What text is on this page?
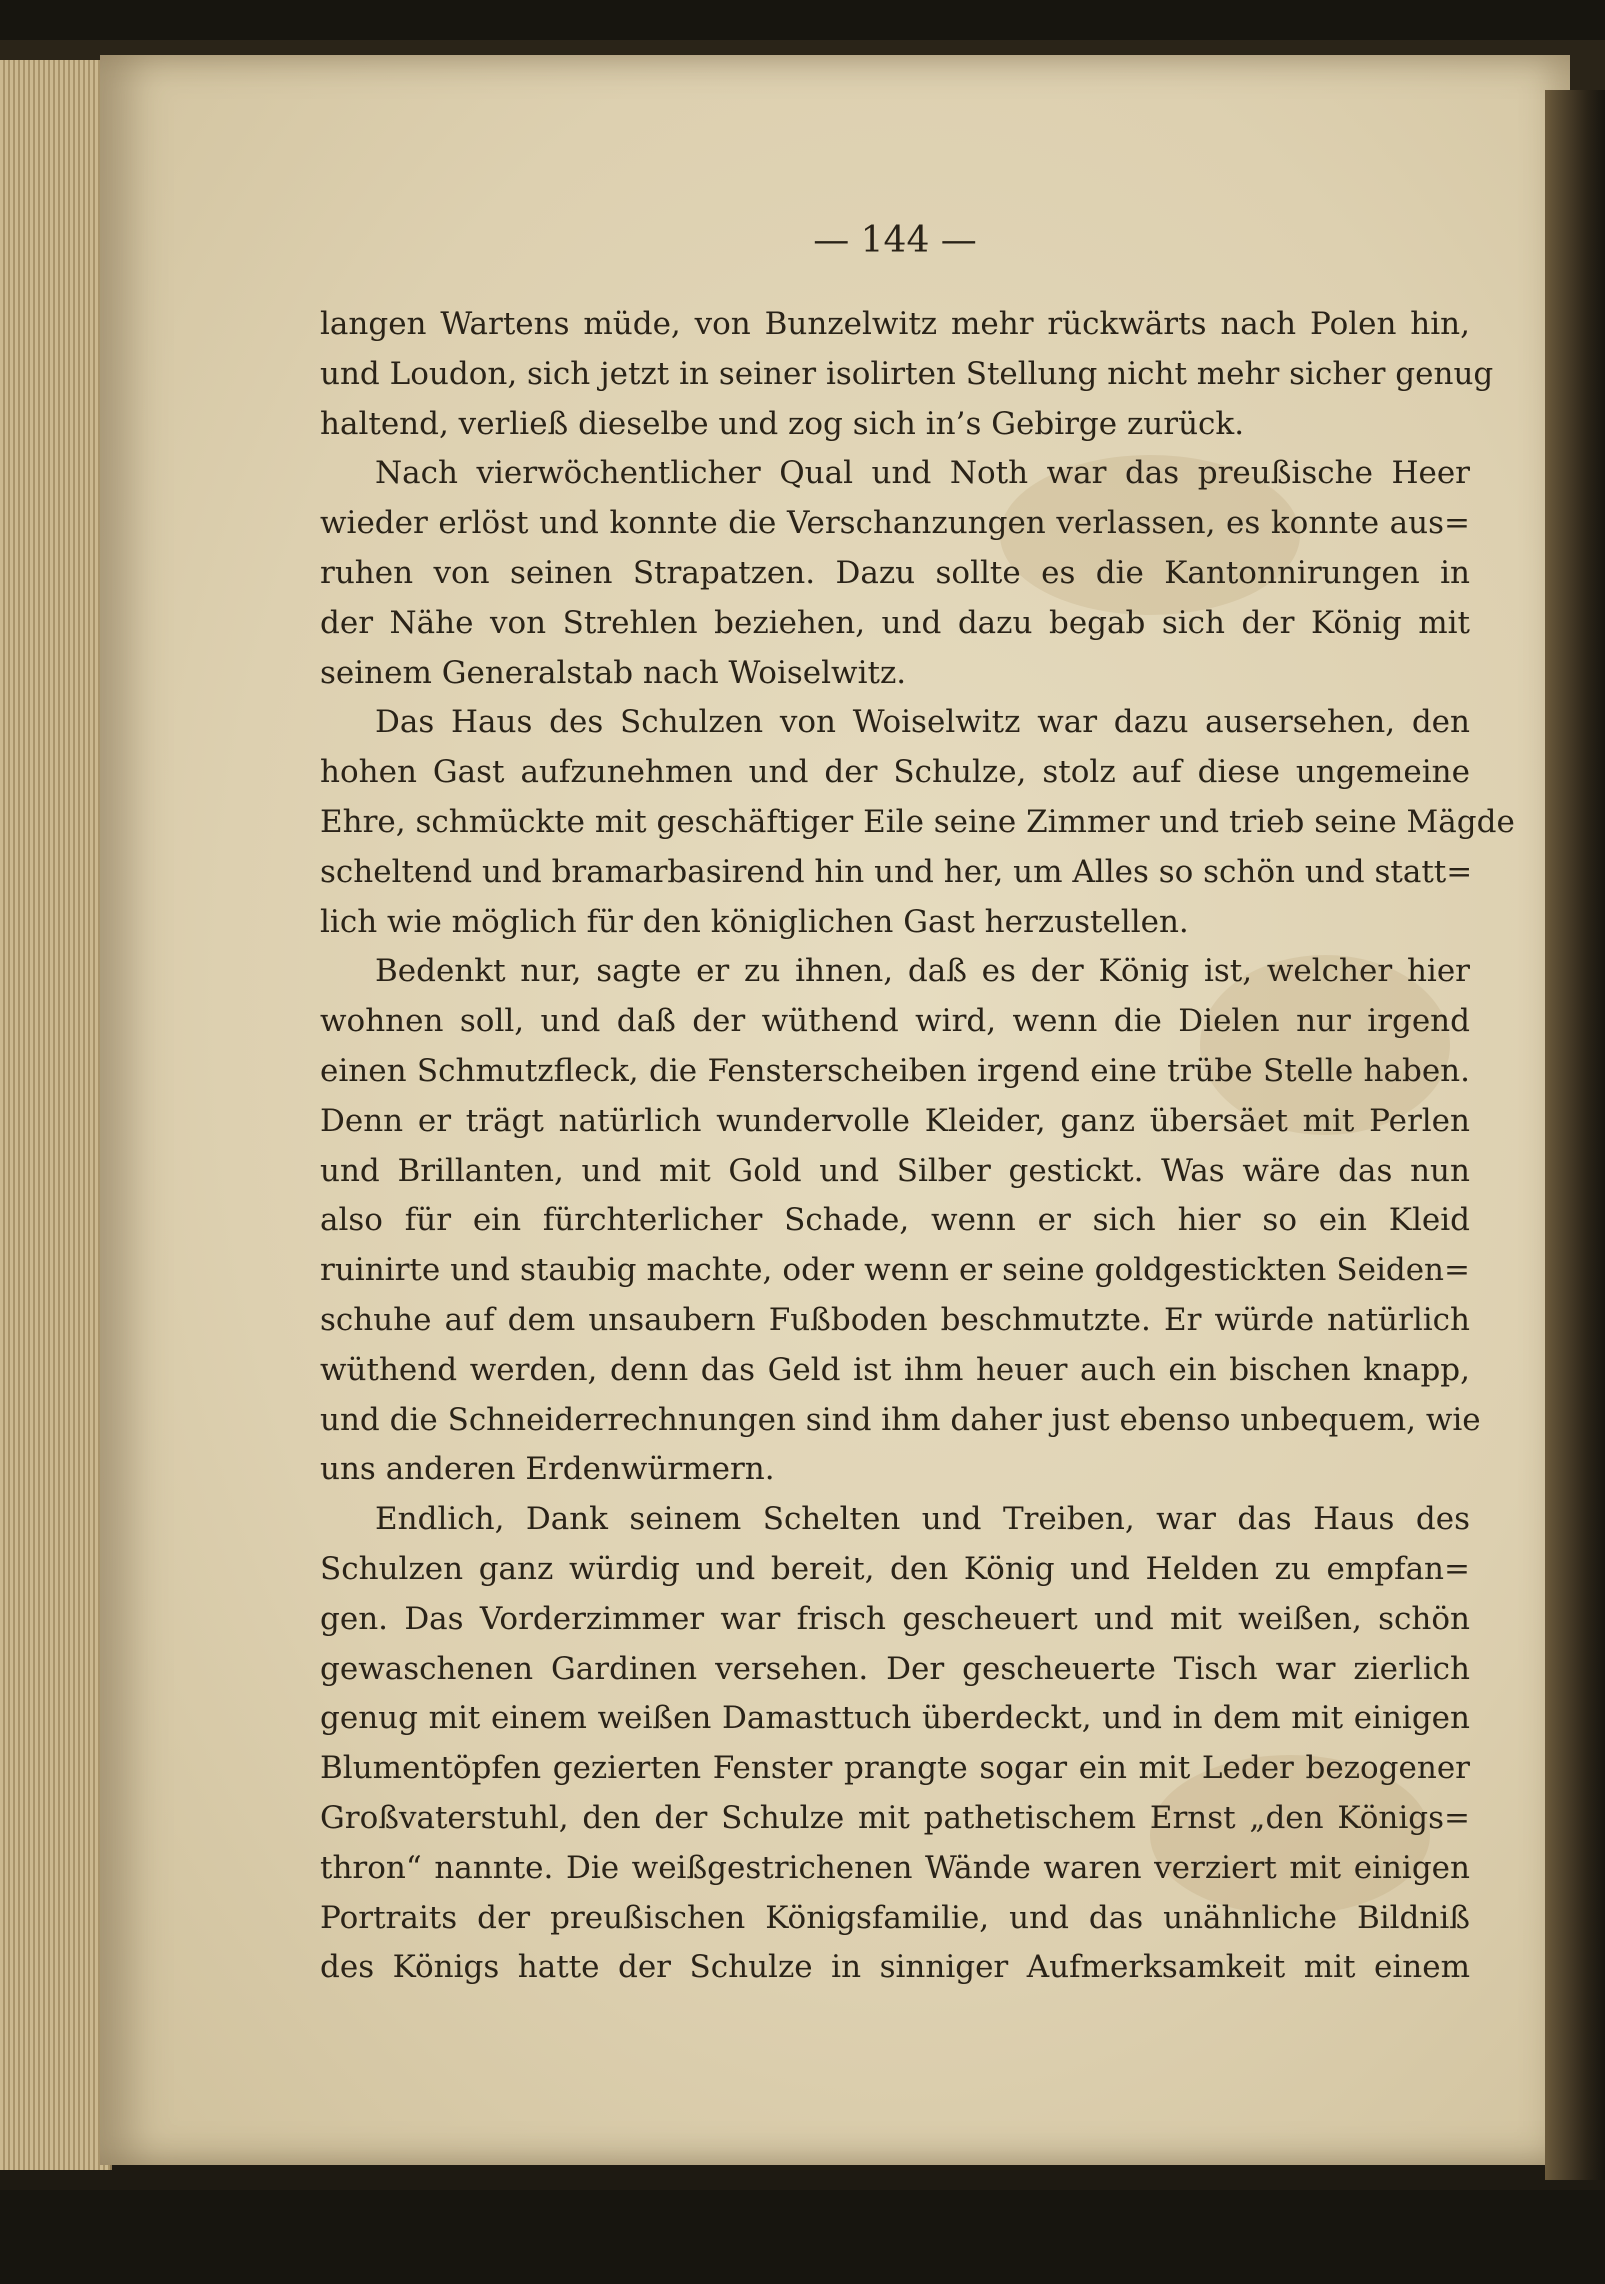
— 144 —
langen Wartens müde, von Bunzelwitz mehr rückwärts nach Polen hin,
und Loudon, sich jetzt in seiner isolirten Stellung nicht mehr sicher genug
haltend, verließ dieselbe und zog sich in’s Gebirge zurück.
Nach vierwöchentlicher Qual und Noth war das preußische Heer
wieder erlöst und konnte die Verschanzungen verlassen, es konnte aus=
ruhen von seinen Strapatzen. Dazu sollte es die Kantonnirungen in
der Nähe von Strehlen beziehen, und dazu begab sich der König mit
seinem Generalstab nach Woiselwitz.
Das Haus des Schulzen von Woiselwitz war dazu ausersehen, den
hohen Gast aufzunehmen und der Schulze, stolz auf diese ungemeine
Ehre, schmückte mit geschäftiger Eile seine Zimmer und trieb seine Mägde
scheltend und bramarbasirend hin und her, um Alles so schön und statt=
lich wie möglich für den königlichen Gast herzustellen.
Bedenkt nur, sagte er zu ihnen, daß es der König ist, welcher hier
wohnen soll, und daß der wüthend wird, wenn die Dielen nur irgend
einen Schmutzfleck, die Fensterscheiben irgend eine trübe Stelle haben.
Denn er trägt natürlich wundervolle Kleider, ganz übersäet mit Perlen
und Brillanten, und mit Gold und Silber gestickt. Was wäre das nun
also für ein fürchterlicher Schade, wenn er sich hier so ein Kleid
ruinirte und staubig machte, oder wenn er seine goldgestickten Seiden=
schuhe auf dem unsaubern Fußboden beschmutzte. Er würde natürlich
wüthend werden, denn das Geld ist ihm heuer auch ein bischen knapp,
und die Schneiderrechnungen sind ihm daher just ebenso unbequem, wie
uns anderen Erdenwürmern.
Endlich, Dank seinem Schelten und Treiben, war das Haus des
Schulzen ganz würdig und bereit, den König und Helden zu empfan=
gen. Das Vorderzimmer war frisch gescheuert und mit weißen, schön
gewaschenen Gardinen versehen. Der gescheuerte Tisch war zierlich
genug mit einem weißen Damasttuch überdeckt, und in dem mit einigen
Blumentöpfen gezierten Fenster prangte sogar ein mit Leder bezogener
Großvaterstuhl, den der Schulze mit pathetischem Ernst „den Königs=
thron“ nannte. Die weißgestrichenen Wände waren verziert mit einigen
Portraits der preußischen Königsfamilie, und das unähnliche Bildniß
des Königs hatte der Schulze in sinniger Aufmerksamkeit mit einem
